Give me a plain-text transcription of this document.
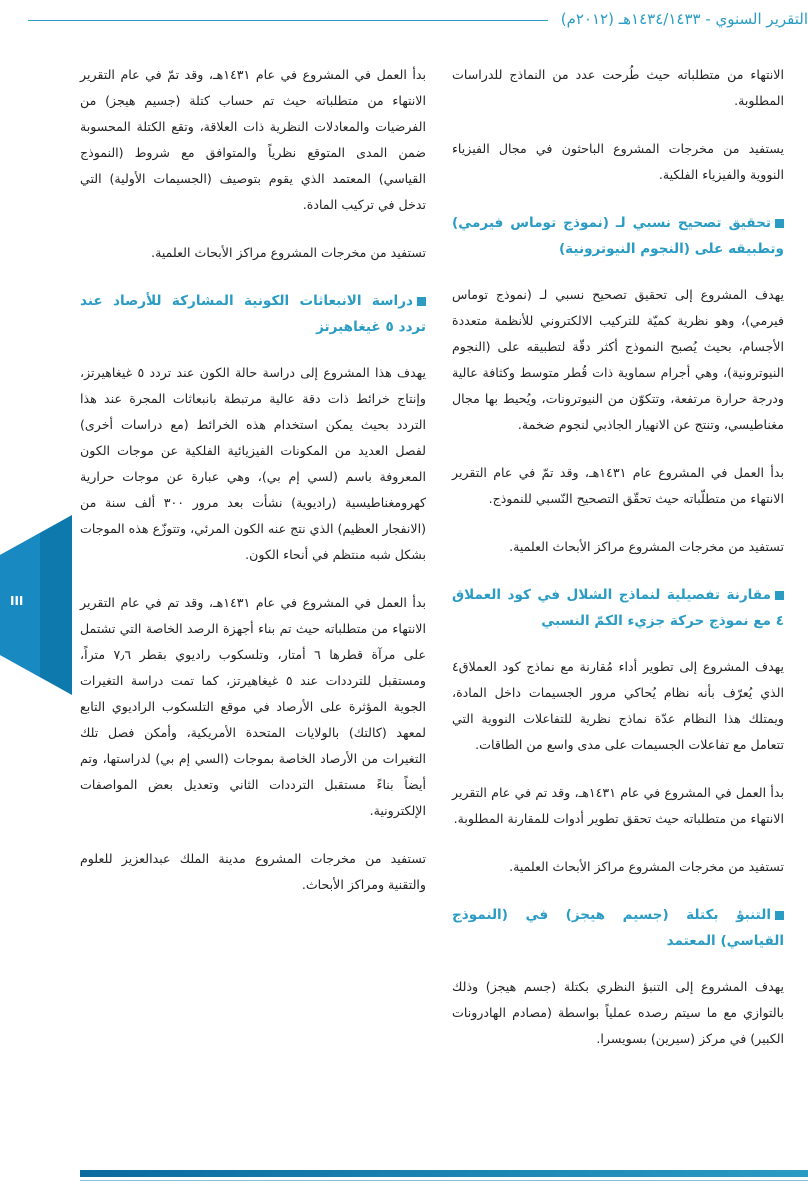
التقرير السنوي - ١٤٣٤/١٤٣٣هـ (٢٠١٢م)
III

الانتهاء من متطلباته حيث طُرحت عدد من النماذج للدراسات المطلوبة.

يستفيد من مخرجات المشروع الباحثون في مجال الفيزياء النووية والفيزياء الفلكية.

تحقيق تصحيح نسبي لـ (نموذج توماس فيرمي) وتطبيقه على (النجوم النيوترونية)

يهدف المشروع إلى تحقيق تصحيح نسبي لـ (نموذج توماس فيرمي)، وهو نظرية كميّة للتركيب الالكتروني للأنظمة متعددة الأجسام، بحيث يُصبح النموذج أكثر دقّة لتطبيقه على (النجوم النيوترونية)، وهي أجرام سماوية ذات قُطر متوسط وكثافة عالية ودرجة حرارة مرتفعة، وتتكوّن من النيوترونات، ويُحيط بها مجال مغناطيسي، وتنتج عن الانهيار الجاذبي لنجوم ضخمة.

بدأ العمل في المشروع عام ١٤٣١هـ، وقد تمّ في عام التقرير الانتهاء من متطلّباته حيث تحقّق التصحيح النّسبي للنموذج.

تستفيد من مخرجات المشروع مراكز الأبحاث العلمية.

مقارنة تفصيلية لنماذج الشلال في كود العملاق ٤ مع نموذج حركة جزيء الكمّ النسبي

يهدف المشروع إلى تطوير أداء مُقارنة مع نماذج كود العملاق٤ الذي يُعرّف بأنه نظام يُحاكي مرور الجسيمات داخل المادة، ويمتلك هذا النظام عدّة نماذج نظرية للتفاعلات النووية التي تتعامل مع تفاعلات الجسيمات على مدى واسع من الطاقات.

بدأ العمل في المشروع في عام ١٤٣١هـ، وقد تم في عام التقرير الانتهاء من متطلباته حيث تحقق تطوير أدوات للمقارنة المطلوبة.

تستفيد من مخرجات المشروع مراكز الأبحاث العلمية.

التنبؤ بكتلة (جسيم هيجز) في (النموذج القياسي) المعتمد

يهدف المشروع إلى التنبؤ النظري بكتلة (جسم هيجز) وذلك بالتوازي مع ما سيتم رصده عملياً بواسطة (مصادم الهادرونات الكبير) في مركز (سيرين) بسويسرا.

بدأ العمل في المشروع في عام ١٤٣١هـ، وقد تمّ في عام التقرير الانتهاء من متطلباته حيث تم حساب كتلة (جسيم هيجز) من الفرضيات والمعادلات النظرية ذات العلاقة، وتقع الكتلة المحسوبة ضمن المدى المتوقع نظرياً والمتوافق مع شروط (النموذج القياسي) المعتمد الذي يقوم بتوصيف (الجسيمات الأولية) التي تدخل في تركيب المادة.

تستفيد من مخرجات المشروع مراكز الأبحاث العلمية.

دراسة الانبعاثات الكونية المشاركة للأرصاد عند تردد ٥ غيغاهيرتز

يهدف هذا المشروع إلى دراسة حالة الكون عند تردد ٥ غيغاهيرتز، وإنتاج خرائط ذات دقة عالية مرتبطة بانبعاثات المجرة عند هذا التردد بحيث يمكن استخدام هذه الخرائط (مع دراسات أخرى) لفصل العديد من المكونات الفيزيائية الفلكية عن موجات الكون المعروفة باسم (لسي إم بي)، وهي عبارة عن موجات حرارية كهرومغناطيسية (راديوية) نشأت بعد مرور ٣٠٠ ألف سنة من (الانفجار العظيم) الذي نتج عنه الكون المرئي، وتتوزّع هذه الموجات بشكل شبه منتظم في أنحاء الكون.

بدأ العمل في المشروع في عام ١٤٣١هـ، وقد تم في عام التقرير الانتهاء من متطلباته حيث تم بناء أجهزة الرصد الخاصة التي تشتمل على مرآة قطرها ٦ أمتار، وتلسكوب راديوي بقطر ٧٫٦ متراً، ومستقبل للترددات عند ٥ غيغاهيرتز، كما تمت دراسة التغيرات الجوية المؤثرة على الأرصاد في موقع التلسكوب الراديوي التابع لمعهد (كالتك) بالولايات المتحدة الأمريكية، وأمكن فصل تلك التغيرات من الأرصاد الخاصة بموجات (السي إم بي) لدراستها، وتم أيضاً بناءً مستقبل الترددات الثاني وتعديل بعض المواصفات الإلكترونية.

تستفيد من مخرجات المشروع مدينة الملك عبدالعزيز للعلوم والتقنية ومراكز الأبحاث.
